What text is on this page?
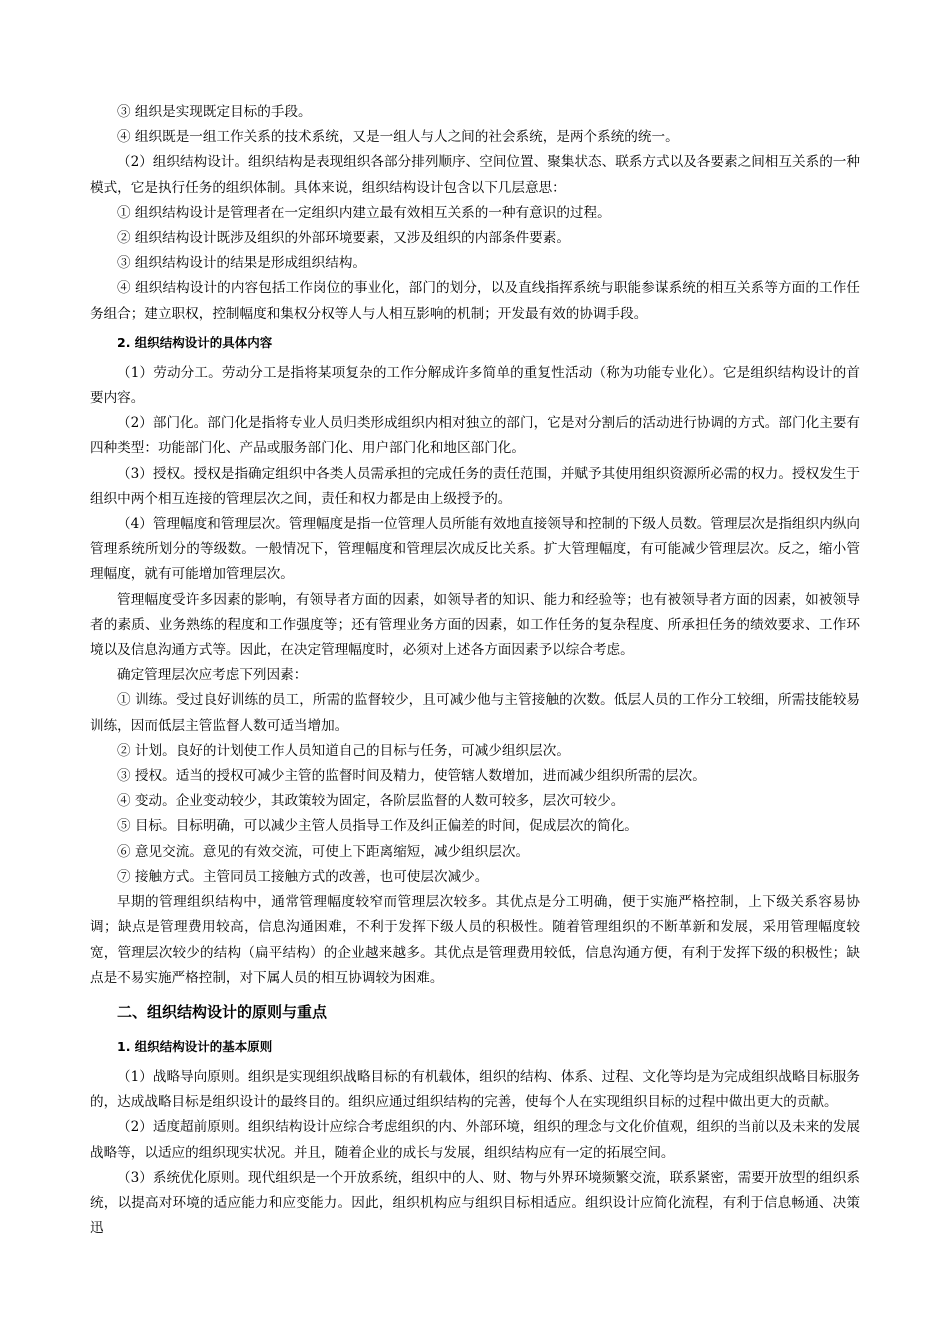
③ 组织是实现既定目标的手段。

④ 组织既是一组工作关系的技术系统，又是一组人与人之间的社会系统，是两个系统的统一。

（2）组织结构设计。组织结构是表现组织各部分排列顺序、空间位置、聚集状态、联系方式以及各要素之间相互关系的一种模式，它是执行任务的组织体制。具体来说，组织结构设计包含以下几层意思：

① 组织结构设计是管理者在一定组织内建立最有效相互关系的一种有意识的过程。

② 组织结构设计既涉及组织的外部环境要素，又涉及组织的内部条件要素。

③ 组织结构设计的结果是形成组织结构。

④ 组织结构设计的内容包括工作岗位的事业化，部门的划分，以及直线指挥系统与职能参谋系统的相互关系等方面的工作任务组合；建立职权，控制幅度和集权分权等人与人相互影响的机制；开发最有效的协调手段。

2. 组织结构设计的具体内容

（1）劳动分工。劳动分工是指将某项复杂的工作分解成许多简单的重复性活动（称为功能专业化）。它是组织结构设计的首要内容。

（2）部门化。部门化是指将专业人员归类形成组织内相对独立的部门，它是对分割后的活动进行协调的方式。部门化主要有四种类型：功能部门化、产品或服务部门化、用户部门化和地区部门化。

（3）授权。授权是指确定组织中各类人员需承担的完成任务的责任范围，并赋予其使用组织资源所必需的权力。授权发生于组织中两个相互连接的管理层次之间，责任和权力都是由上级授予的。

（4）管理幅度和管理层次。管理幅度是指一位管理人员所能有效地直接领导和控制的下级人员数。管理层次是指组织内纵向管理系统所划分的等级数。一般情况下，管理幅度和管理层次成反比关系。扩大管理幅度，有可能减少管理层次。反之，缩小管理幅度，就有可能增加管理层次。

管理幅度受许多因素的影响，有领导者方面的因素，如领导者的知识、能力和经验等；也有被领导者方面的因素，如被领导者的素质、业务熟练的程度和工作强度等；还有管理业务方面的因素，如工作任务的复杂程度、所承担任务的绩效要求、工作环境以及信息沟通方式等。因此，在决定管理幅度时，必须对上述各方面因素予以综合考虑。

确定管理层次应考虑下列因素：

① 训练。受过良好训练的员工，所需的监督较少，且可减少他与主管接触的次数。低层人员的工作分工较细，所需技能较易训练，因而低层主管监督人数可适当增加。

② 计划。良好的计划使工作人员知道自己的目标与任务，可减少组织层次。

③ 授权。适当的授权可减少主管的监督时间及精力，使管辖人数增加，进而减少组织所需的层次。

④ 变动。企业变动较少，其政策较为固定，各阶层监督的人数可较多，层次可较少。

⑤ 目标。目标明确，可以减少主管人员指导工作及纠正偏差的时间，促成层次的简化。

⑥ 意见交流。意见的有效交流，可使上下距离缩短，减少组织层次。

⑦ 接触方式。主管同员工接触方式的改善，也可使层次减少。

早期的管理组织结构中，通常管理幅度较窄而管理层次较多。其优点是分工明确，便于实施严格控制，上下级关系容易协调；缺点是管理费用较高，信息沟通困难，不利于发挥下级人员的积极性。随着管理组织的不断革新和发展，采用管理幅度较宽，管理层次较少的结构（扁平结构）的企业越来越多。其优点是管理费用较低，信息沟通方便，有利于发挥下级的积极性；缺点是不易实施严格控制，对下属人员的相互协调较为困难。

二、组织结构设计的原则与重点
1. 组织结构设计的基本原则

（1）战略导向原则。组织是实现组织战略目标的有机载体，组织的结构、体系、过程、文化等均是为完成组织战略目标服务的，达成战略目标是组织设计的最终目的。组织应通过组织结构的完善，使每个人在实现组织目标的过程中做出更大的贡献。

（2）适度超前原则。组织结构设计应综合考虑组织的内、外部环境，组织的理念与文化价值观，组织的当前以及未来的发展战略等，以适应的组织现实状况。并且，随着企业的成长与发展，组织结构应有一定的拓展空间。

（3）系统优化原则。现代组织是一个开放系统，组织中的人、财、物与外界环境频繁交流，联系紧密，需要开放型的组织系统，以提高对环境的适应能力和应变能力。因此，组织机构应与组织目标相适应。组织设计应简化流程，有利于信息畅通、决策迅
